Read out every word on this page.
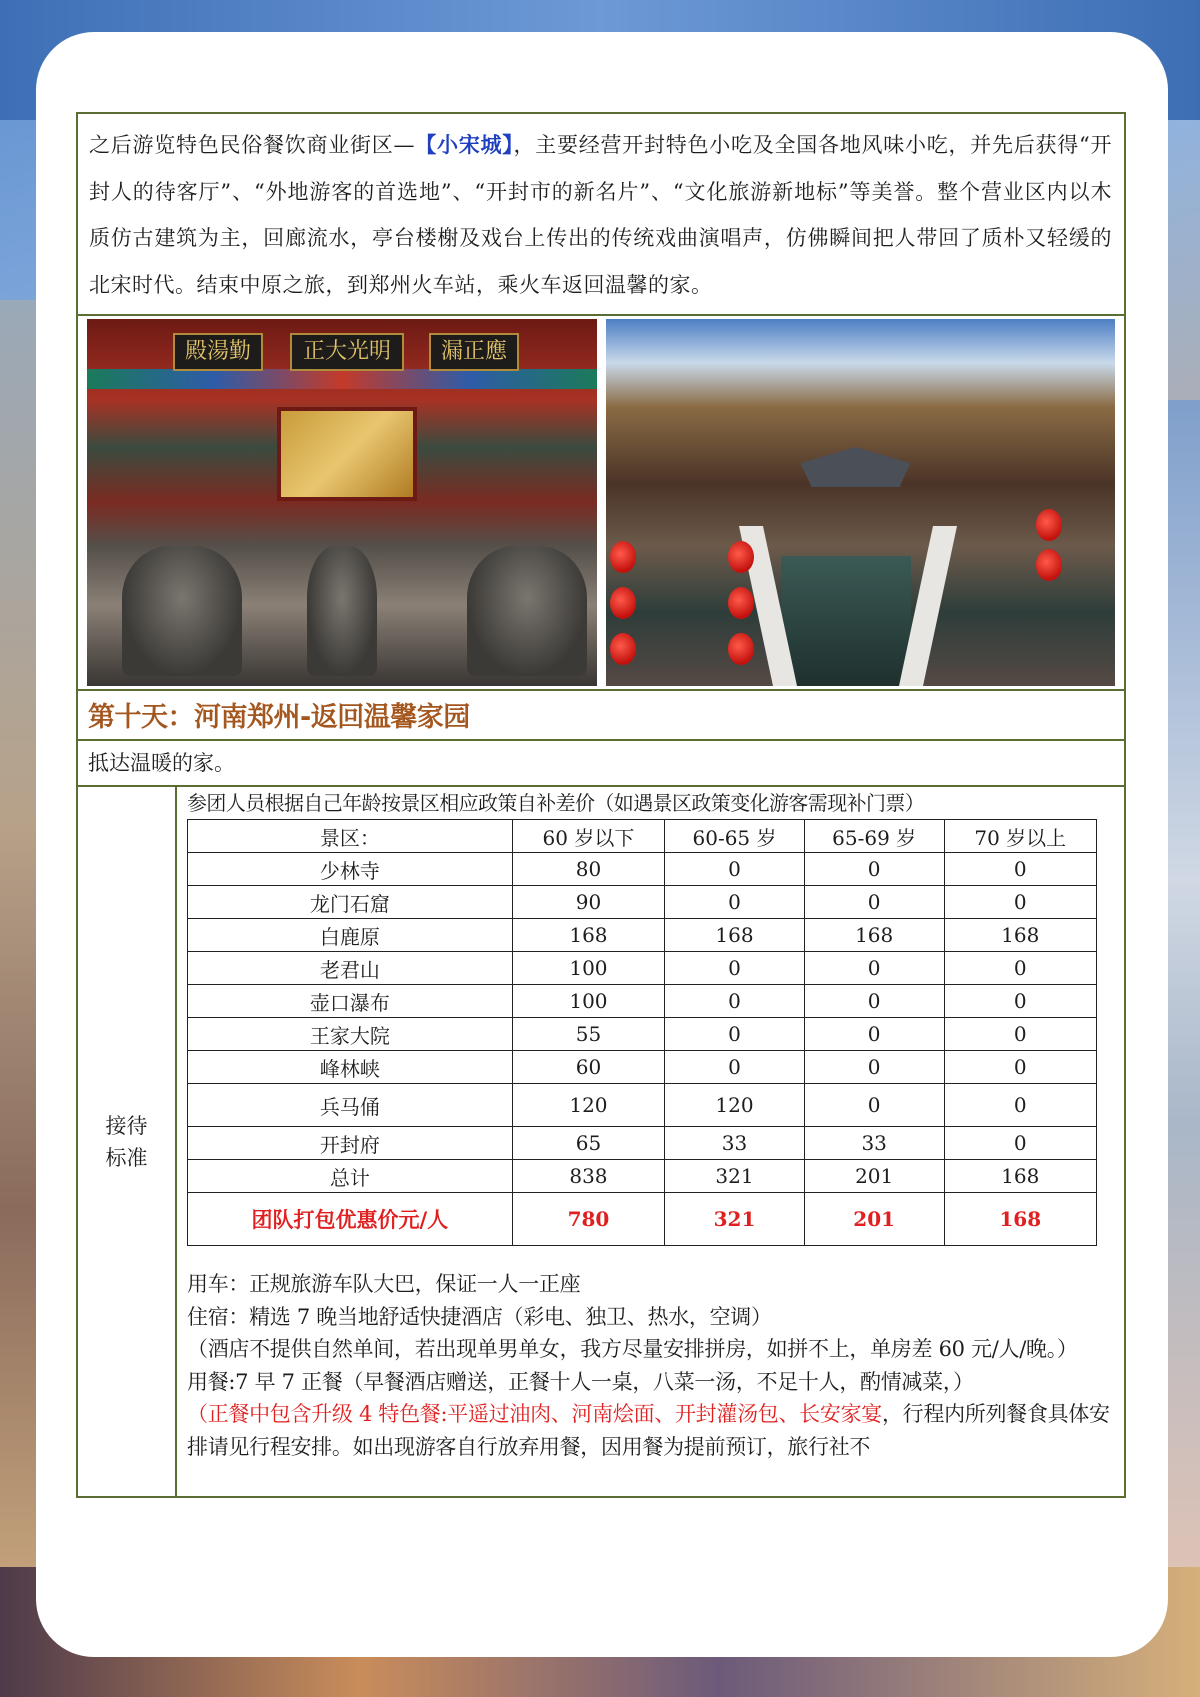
之后游览特色民俗餐饮商业街区—【小宋城】，主要经营开封特色小吃及全国各地风味小吃，并先后获得“开封人的待客厅”、“外地游客的首选地”、“开封市的新名片”、“文化旅游新地标”等美誉。整个营业区内以木质仿古建筑为主，回廊流水，亭台楼榭及戏台上传出的传统戏曲演唱声，仿佛瞬间把人带回了质朴又轻缓的北宋时代。结束中原之旅，到郑州火车站，乘火车返回温馨的家。
殿湯勤	正大光明	漏正應
第十天：河南郑州-返回温馨家园
抵达温暖的家。
接待标准
参团人员根据自己年龄按景区相应政策自补差价（如遇景区政策变化游客需现补门票）
景区：	60 岁以下	60-65 岁	65-69 岁	70 岁以上
少林寺	80	0	0	0
龙门石窟	90	0	0	0
白鹿原	168	168	168	168
老君山	100	0	0	0
壶口瀑布	100	0	0	0
王家大院	55	0	0	0
峰林峡	60	0	0	0
兵马俑	120	120	0	0
开封府	65	33	33	0
总计	838	321	201	168
团队打包优惠价元/人	780	321	201	168
用车：正规旅游车队大巴，保证一人一正座
住宿：精选 7 晚当地舒适快捷酒店（彩电、独卫、热水，空调）
（酒店不提供自然单间，若出现单男单女，我方尽量安排拼房，如拼不上，单房差 60 元/人/晚。）
用餐:7 早 7 正餐（早餐酒店赠送，正餐十人一桌，八菜一汤，不足十人，酌情减菜，）
（正餐中包含升级 4 特色餐:平遥过油肉、河南烩面、开封灌汤包、长安家宴，行程内所列餐食具体安排请见行程安排。如出现游客自行放弃用餐，因用餐为提前预订，旅行社不
